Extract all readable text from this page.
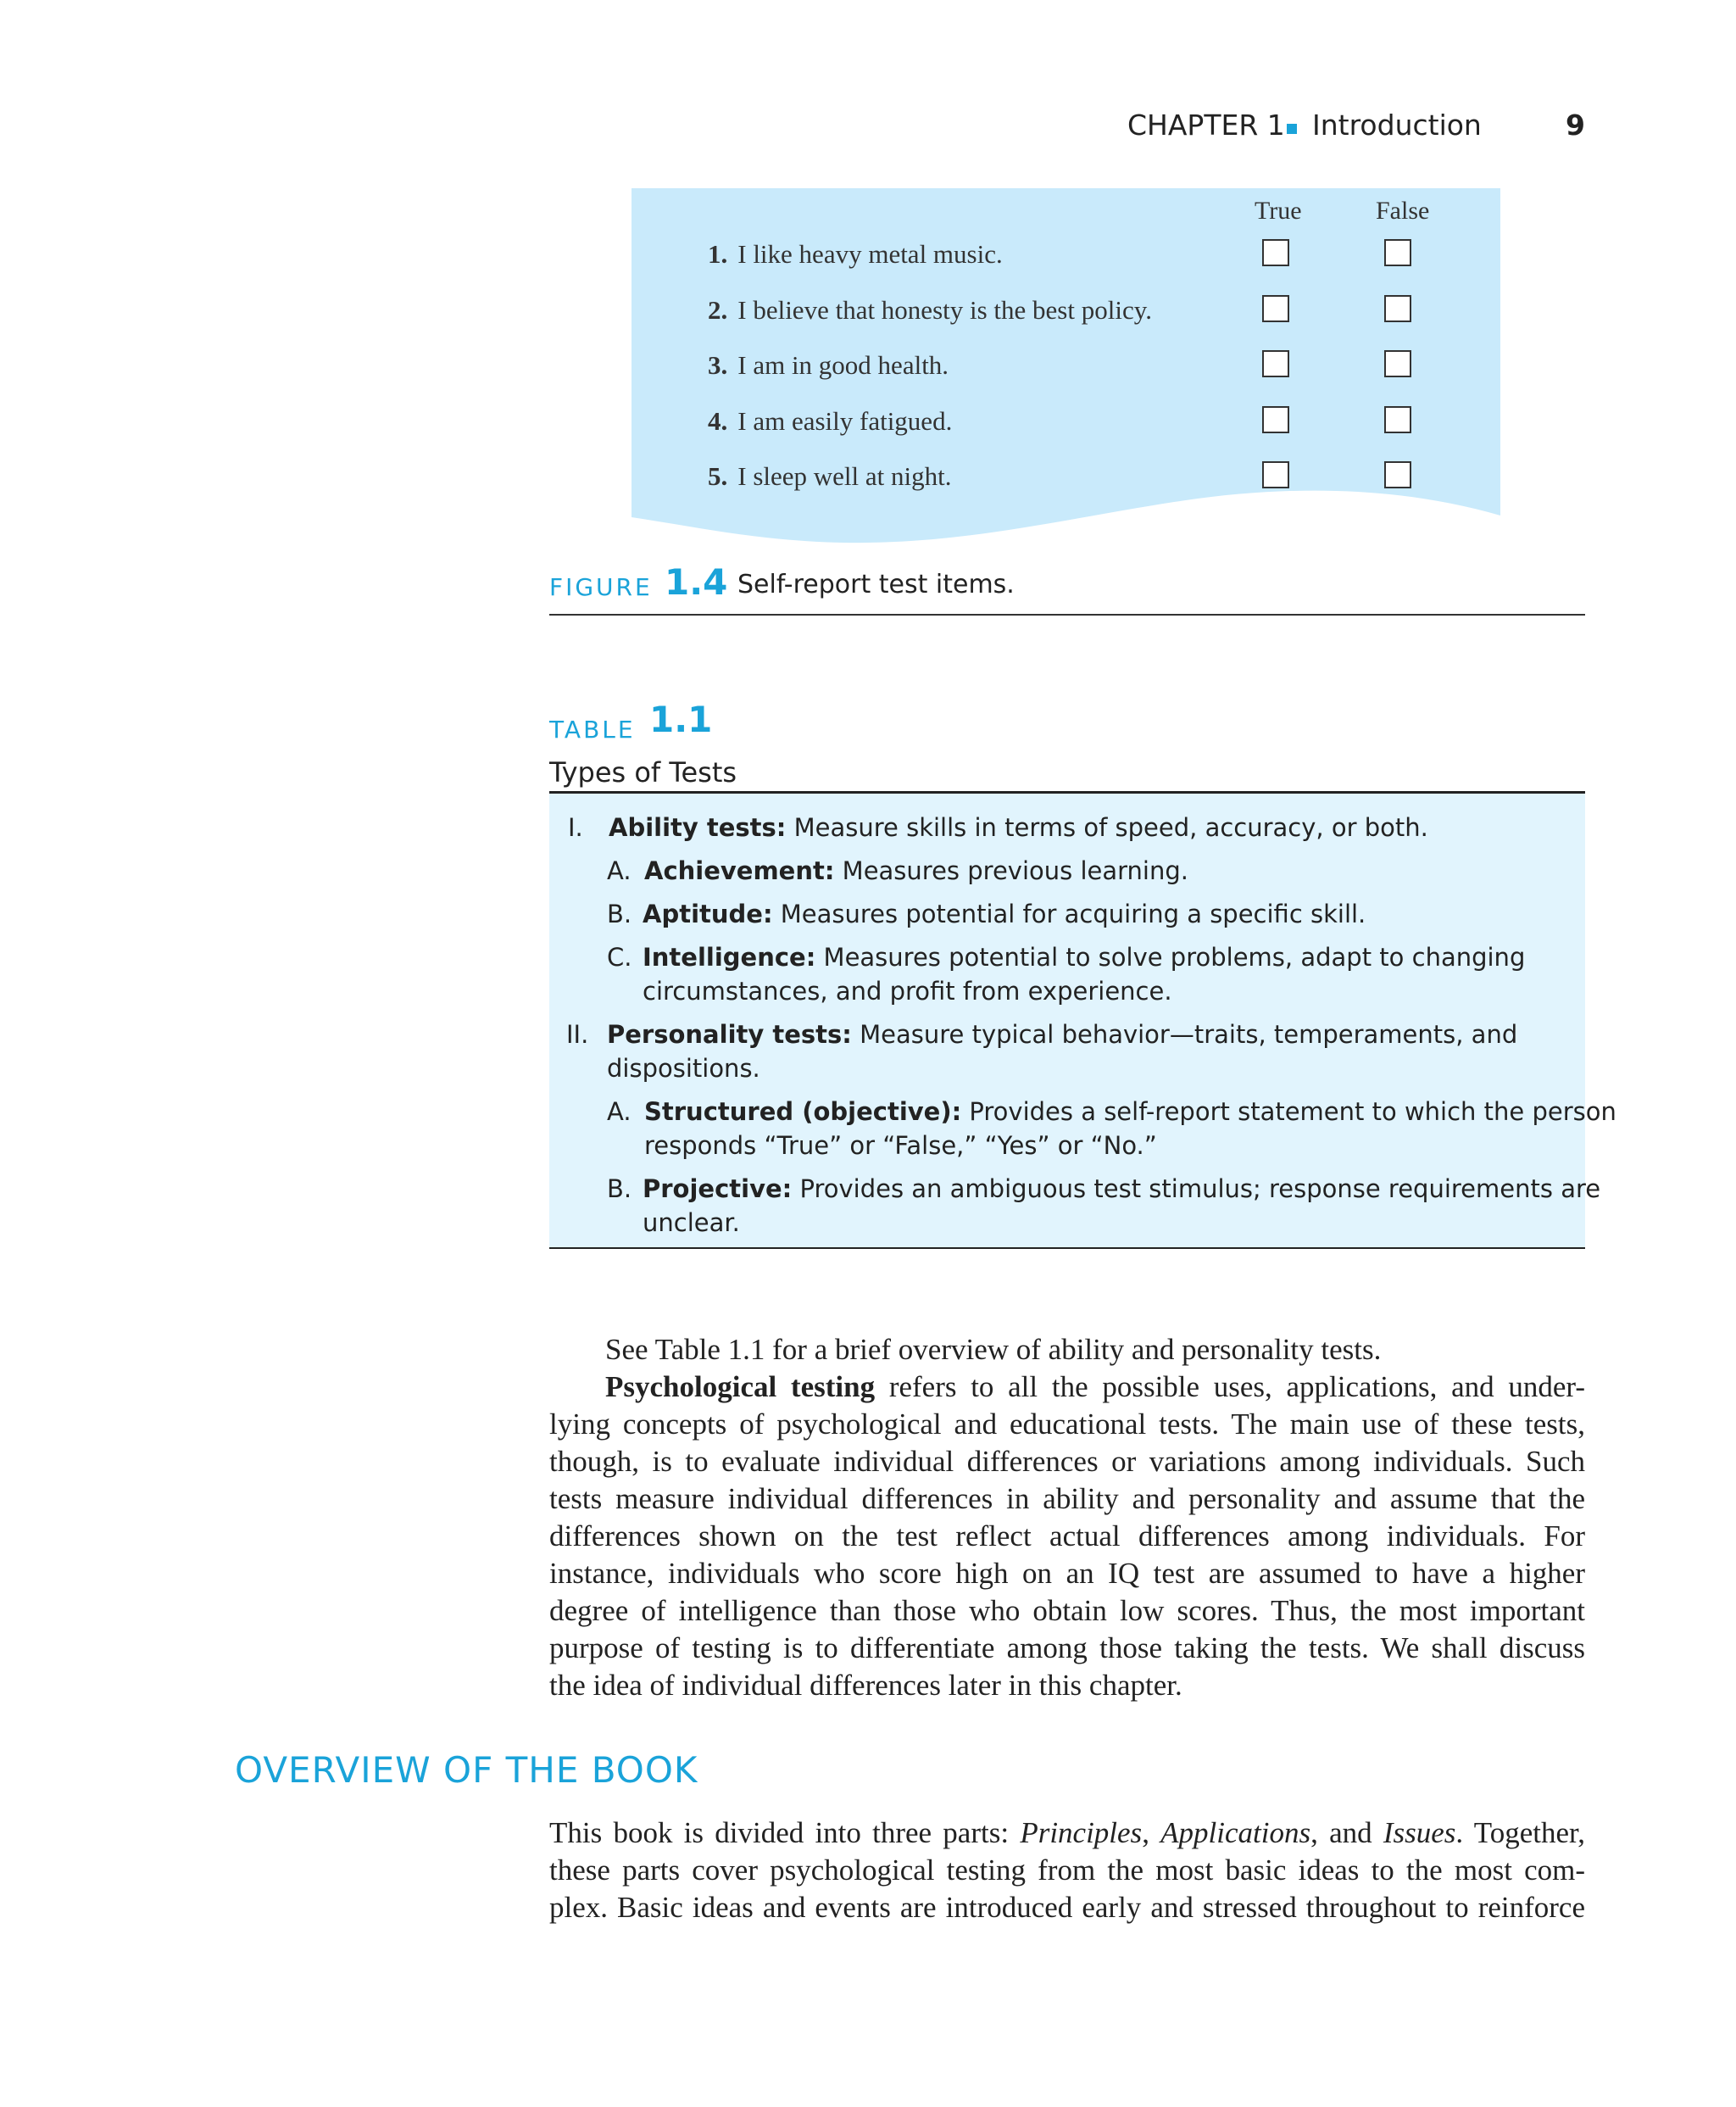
CHAPTER 1 Introduction	9
True	False
1. I like heavy metal music.
2. I believe that honesty is the best policy.
3. I am in good health.
4. I am easily fatigued.
5. I sleep well at night.
FIGURE 1.4 Self-report test items.
TABLE 1.1
Types of Tests
I. Ability tests: Measure skills in terms of speed, accuracy, or both.
A. Achievement: Measures previous learning.
B. Aptitude: Measures potential for acquiring a specific skill.
C. Intelligence: Measures potential to solve problems, adapt to changing
circumstances, and profit from experience.
II. Personality tests: Measure typical behavior—traits, temperaments, and
dispositions.
A. Structured (objective): Provides a self-report statement to which the person
responds “True” or “False,” “Yes” or “No.”
B. Projective: Provides an ambiguous test stimulus; response requirements are
unclear.
See Table 1.1 for a brief overview of ability and personality tests.
Psychological testing refers to all the possible uses, applications, and under-
lying concepts of psychological and educational tests. The main use of these tests,
though, is to evaluate individual differences or variations among individuals. Such
tests measure individual differences in ability and personality and assume that the
differences shown on the test reflect actual differences among individuals. For
instance, individuals who score high on an IQ test are assumed to have a higher
degree of intelligence than those who obtain low scores. Thus, the most important
purpose of testing is to differentiate among those taking the tests. We shall discuss
the idea of individual differences later in this chapter.
OVERVIEW OF THE BOOK
This book is divided into three parts: Principles, Applications, and Issues. Together,
these parts cover psychological testing from the most basic ideas to the most com-
plex. Basic ideas and events are introduced early and stressed throughout to reinforce
